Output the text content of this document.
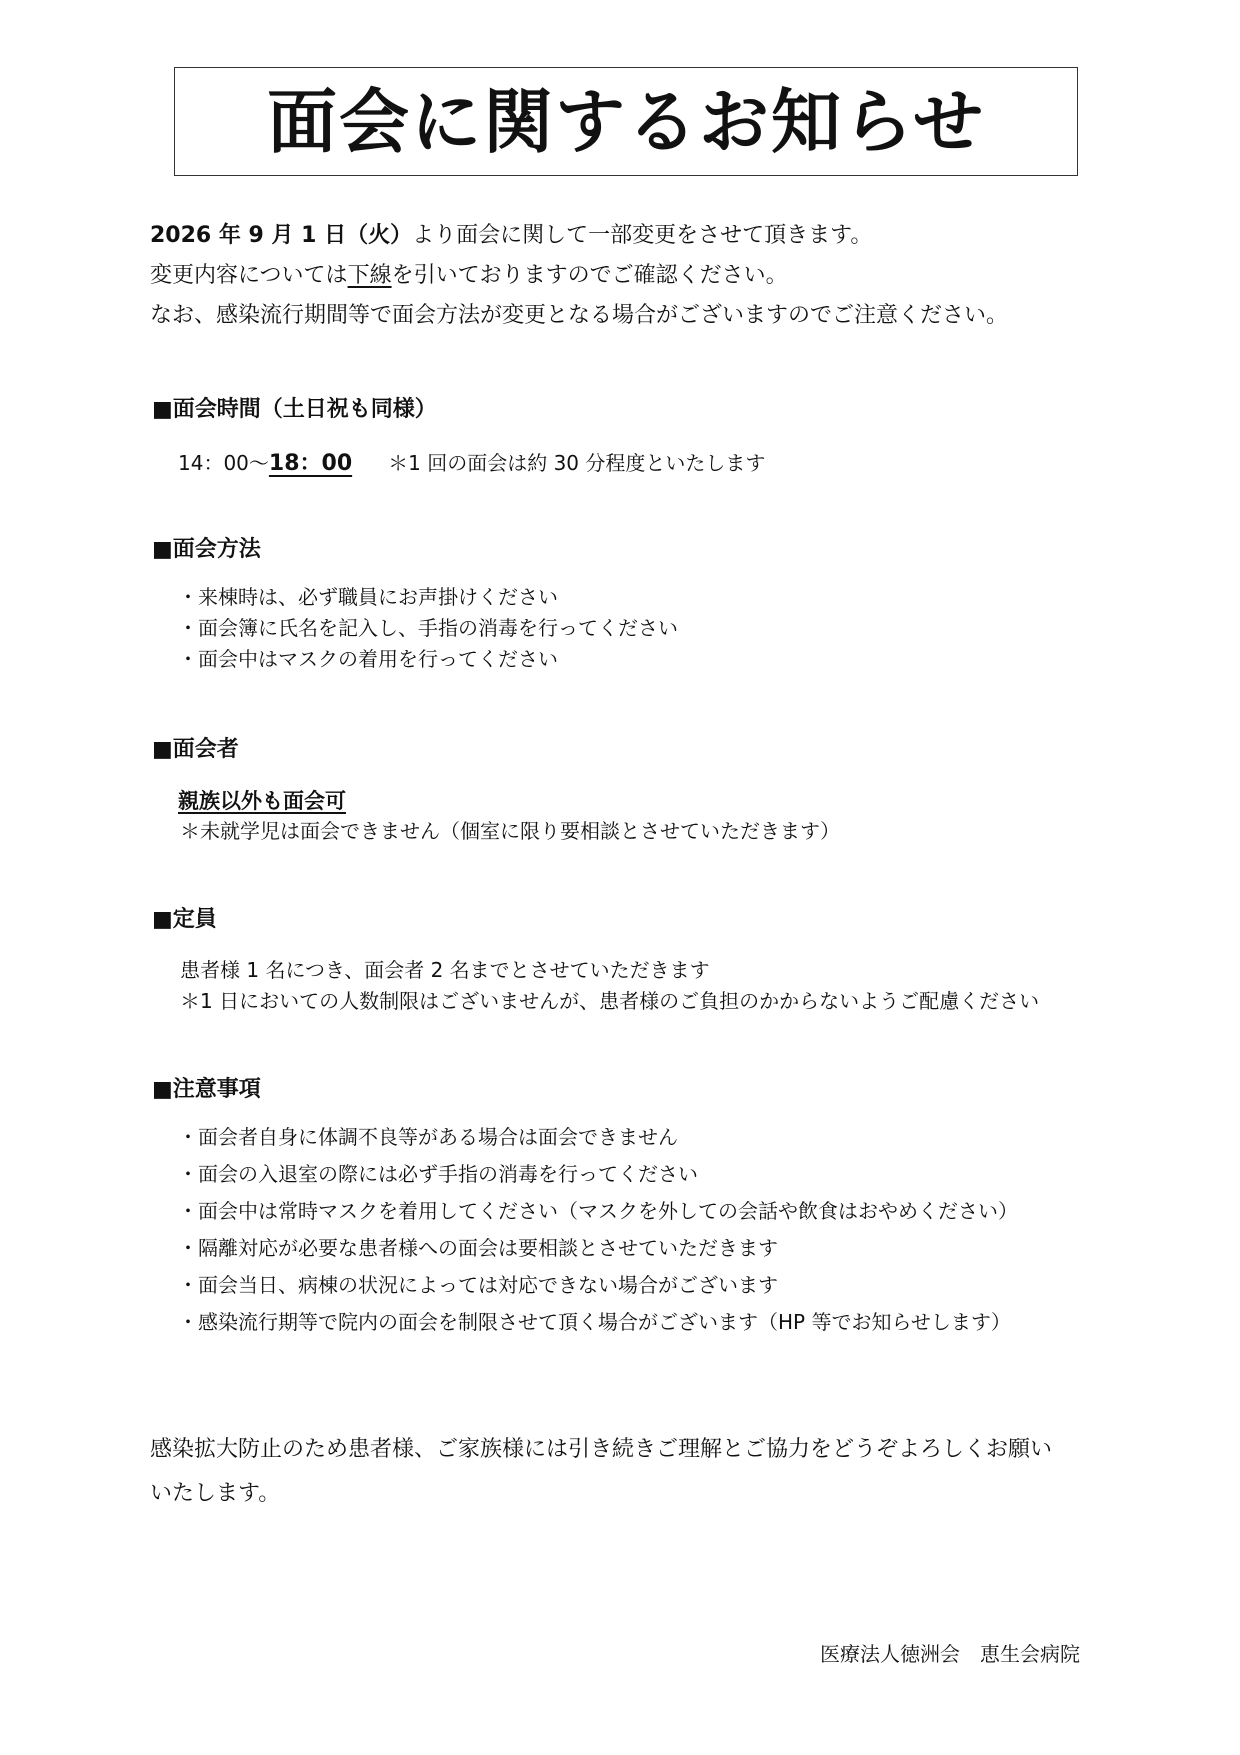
面会に関するお知らせ
2026 年 9 月 1 日（火）より面会に関して一部変更をさせて頂きます。
変更内容については下線を引いておりますのでご確認ください。
なお、感染流行期間等で面会方法が変更となる場合がございますのでご注意ください。
■面会時間（土日祝も同様）
14：00～18：00 ＊1 回の面会は約 30 分程度といたします
■面会方法
・ 来棟時は、必ず職員にお声掛けください
・ 面会簿に氏名を記入し、手指の消毒を行ってください
・ 面会中はマスクの着用を行ってください
■面会者
親族以外も面会可
＊未就学児は面会できません（個室に限り要相談とさせていただきます）
■定員
患者様 1 名につき、面会者 2 名までとさせていただきます
＊1 日においての人数制限はございませんが、患者様のご負担のかからないようご配慮ください
■注意事項
・ 面会者自身に体調不良等がある場合は面会できません
・ 面会の入退室の際には必ず手指の消毒を行ってください
・ 面会中は常時マスクを着用してください（マスクを外しての会話や飲食はおやめください）
・ 隔離対応が必要な患者様への面会は要相談とさせていただきます
・ 面会当日、病棟の状況によっては対応できない場合がございます
・ 感染流行期等で院内の面会を制限させて頂く場合がございます（HP 等でお知らせします）
感染拡大防止のため患者様、ご家族様には引き続きご理解とご協力をどうぞよろしくお願い
いたします。
医療法人徳洲会　恵生会病院
